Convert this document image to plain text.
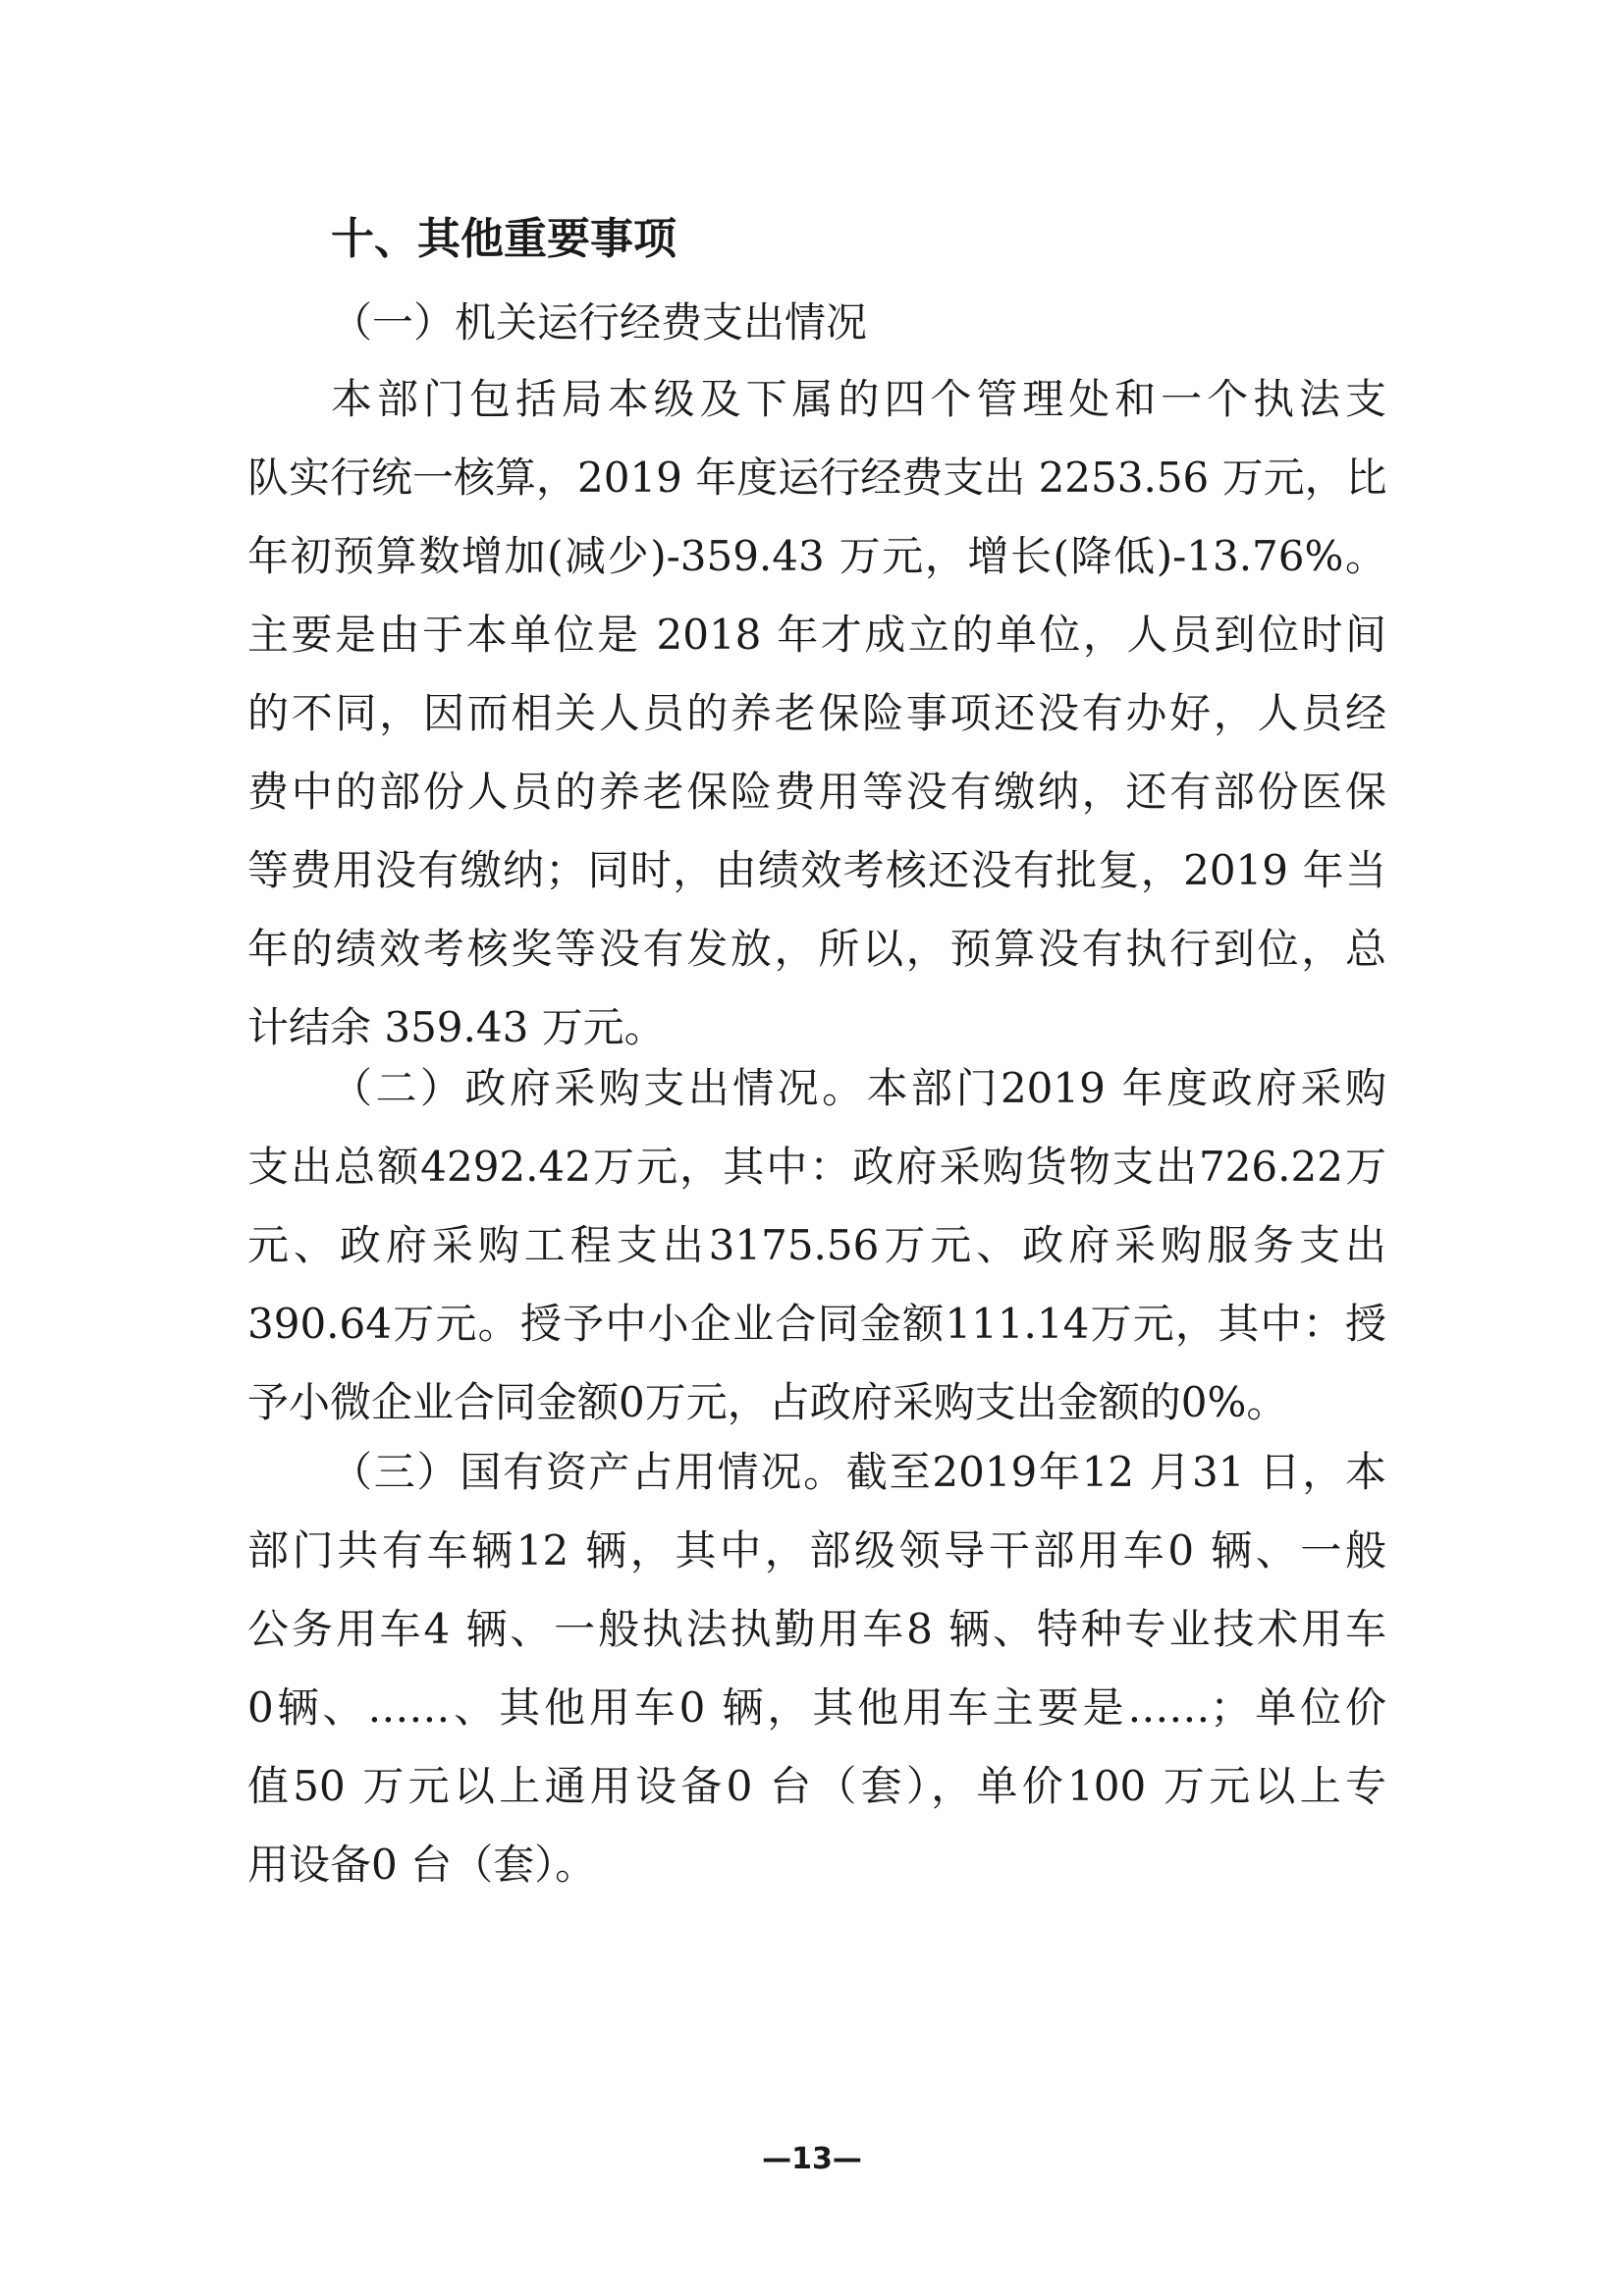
十、其他重要事项

（一）机关运行经费支出情况

本部门包括局本级及下属的四个管理处和一个执法支
队实行统一核算，2019 年度运行经费支出 2253.56 万元，比
年初预算数增加(减少)-359.43 万元，增长(降低)-13.76%。
主要是由于本单位是 2018 年才成立的单位，人员到位时间
的不同，因而相关人员的养老保险事项还没有办好，人员经
费中的部份人员的养老保险费用等没有缴纳，还有部份医保
等费用没有缴纳；同时，由绩效考核还没有批复，2019 年当
年的绩效考核奖等没有发放，所以，预算没有执行到位，总
计结余 359.43 万元。
（二）政府采购支出情况。本部门2019 年度政府采购
支出总额4292.42万元，其中：政府采购货物支出726.22万
元、政府采购工程支出3175.56万元、政府采购服务支出
390.64万元。授予中小企业合同金额111.14万元，其中：授
予小微企业合同金额0万元，占政府采购支出金额的0%。
（三）国有资产占用情况。截至2019年12 月31 日，本
部门共有车辆12 辆，其中，部级领导干部用车0 辆、一般
公务用车4 辆、一般执法执勤用车8 辆、特种专业技术用车
0辆、……、其他用车0 辆，其他用车主要是……；单位价
值50 万元以上通用设备0 台（套），单价100 万元以上专
用设备0 台（套）。

—13—
